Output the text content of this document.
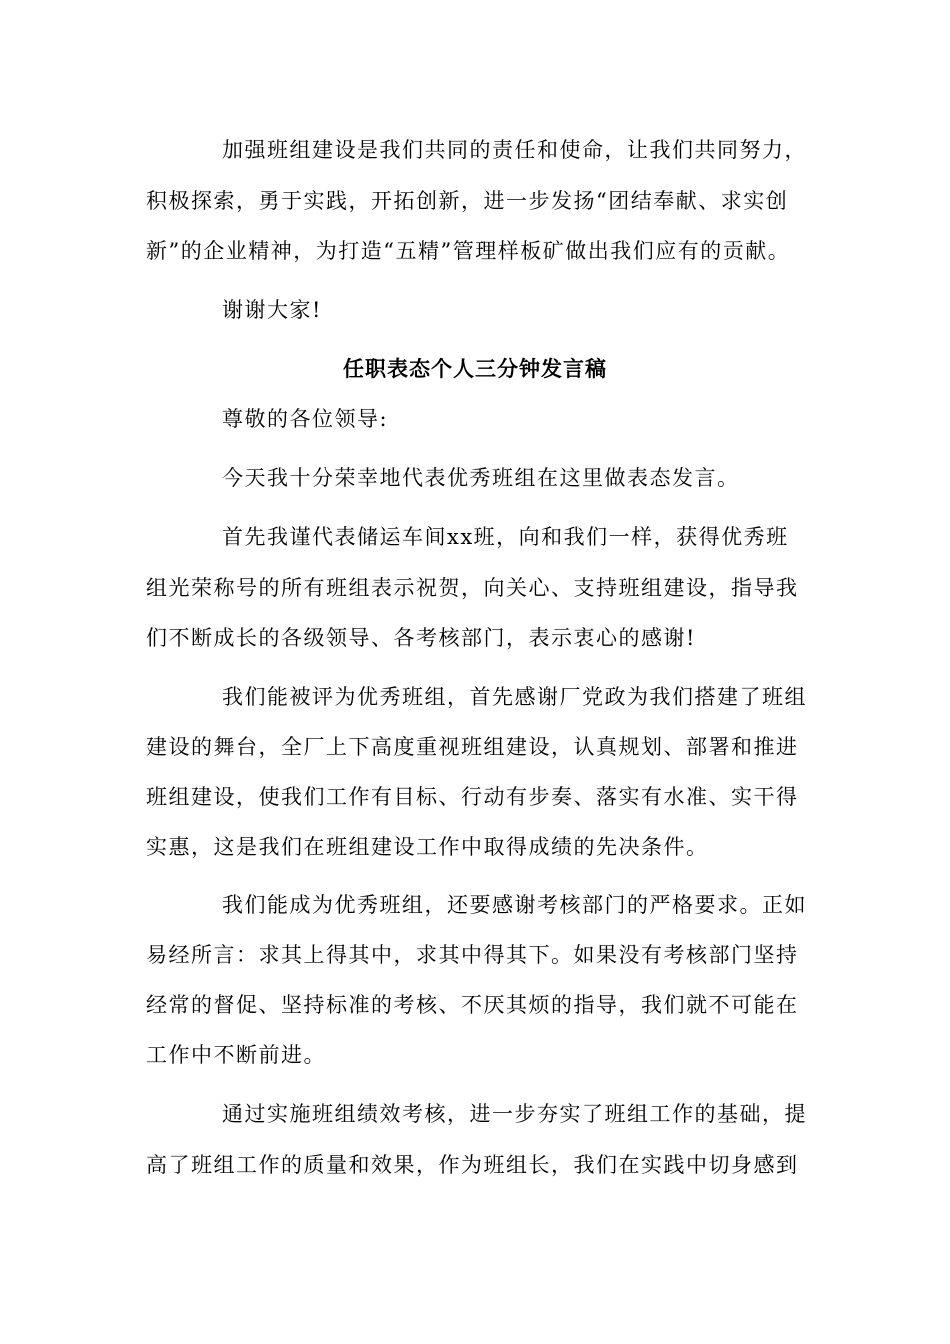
加强班组建设是我们共同的责任和使命，让我们共同努力，
积极探索，勇于实践，开拓创新，进一步发扬“团结奉献、求实创
新”的企业精神，为打造“五精”管理样板矿做出我们应有的贡献。
谢谢大家!
任职表态个人三分钟发言稿
尊敬的各位领导:
今天我十分荣幸地代表优秀班组在这里做表态发言。
首先我谨代表储运车间xx班，向和我们一样，获得优秀班
组光荣称号的所有班组表示祝贺，向关心、支持班组建设，指导我
们不断成长的各级领导、各考核部门，表示衷心的感谢!
我们能被评为优秀班组，首先感谢厂党政为我们搭建了班组
建设的舞台，全厂上下高度重视班组建设，认真规划、部署和推进
班组建设，使我们工作有目标、行动有步奏、落实有水准、实干得
实惠，这是我们在班组建设工作中取得成绩的先决条件。
我们能成为优秀班组，还要感谢考核部门的严格要求。正如
易经所言：求其上得其中，求其中得其下。如果没有考核部门坚持
经常的督促、坚持标准的考核、不厌其烦的指导，我们就不可能在
工作中不断前进。
通过实施班组绩效考核，进一步夯实了班组工作的基础，提
高了班组工作的质量和效果，作为班组长，我们在实践中切身感到
